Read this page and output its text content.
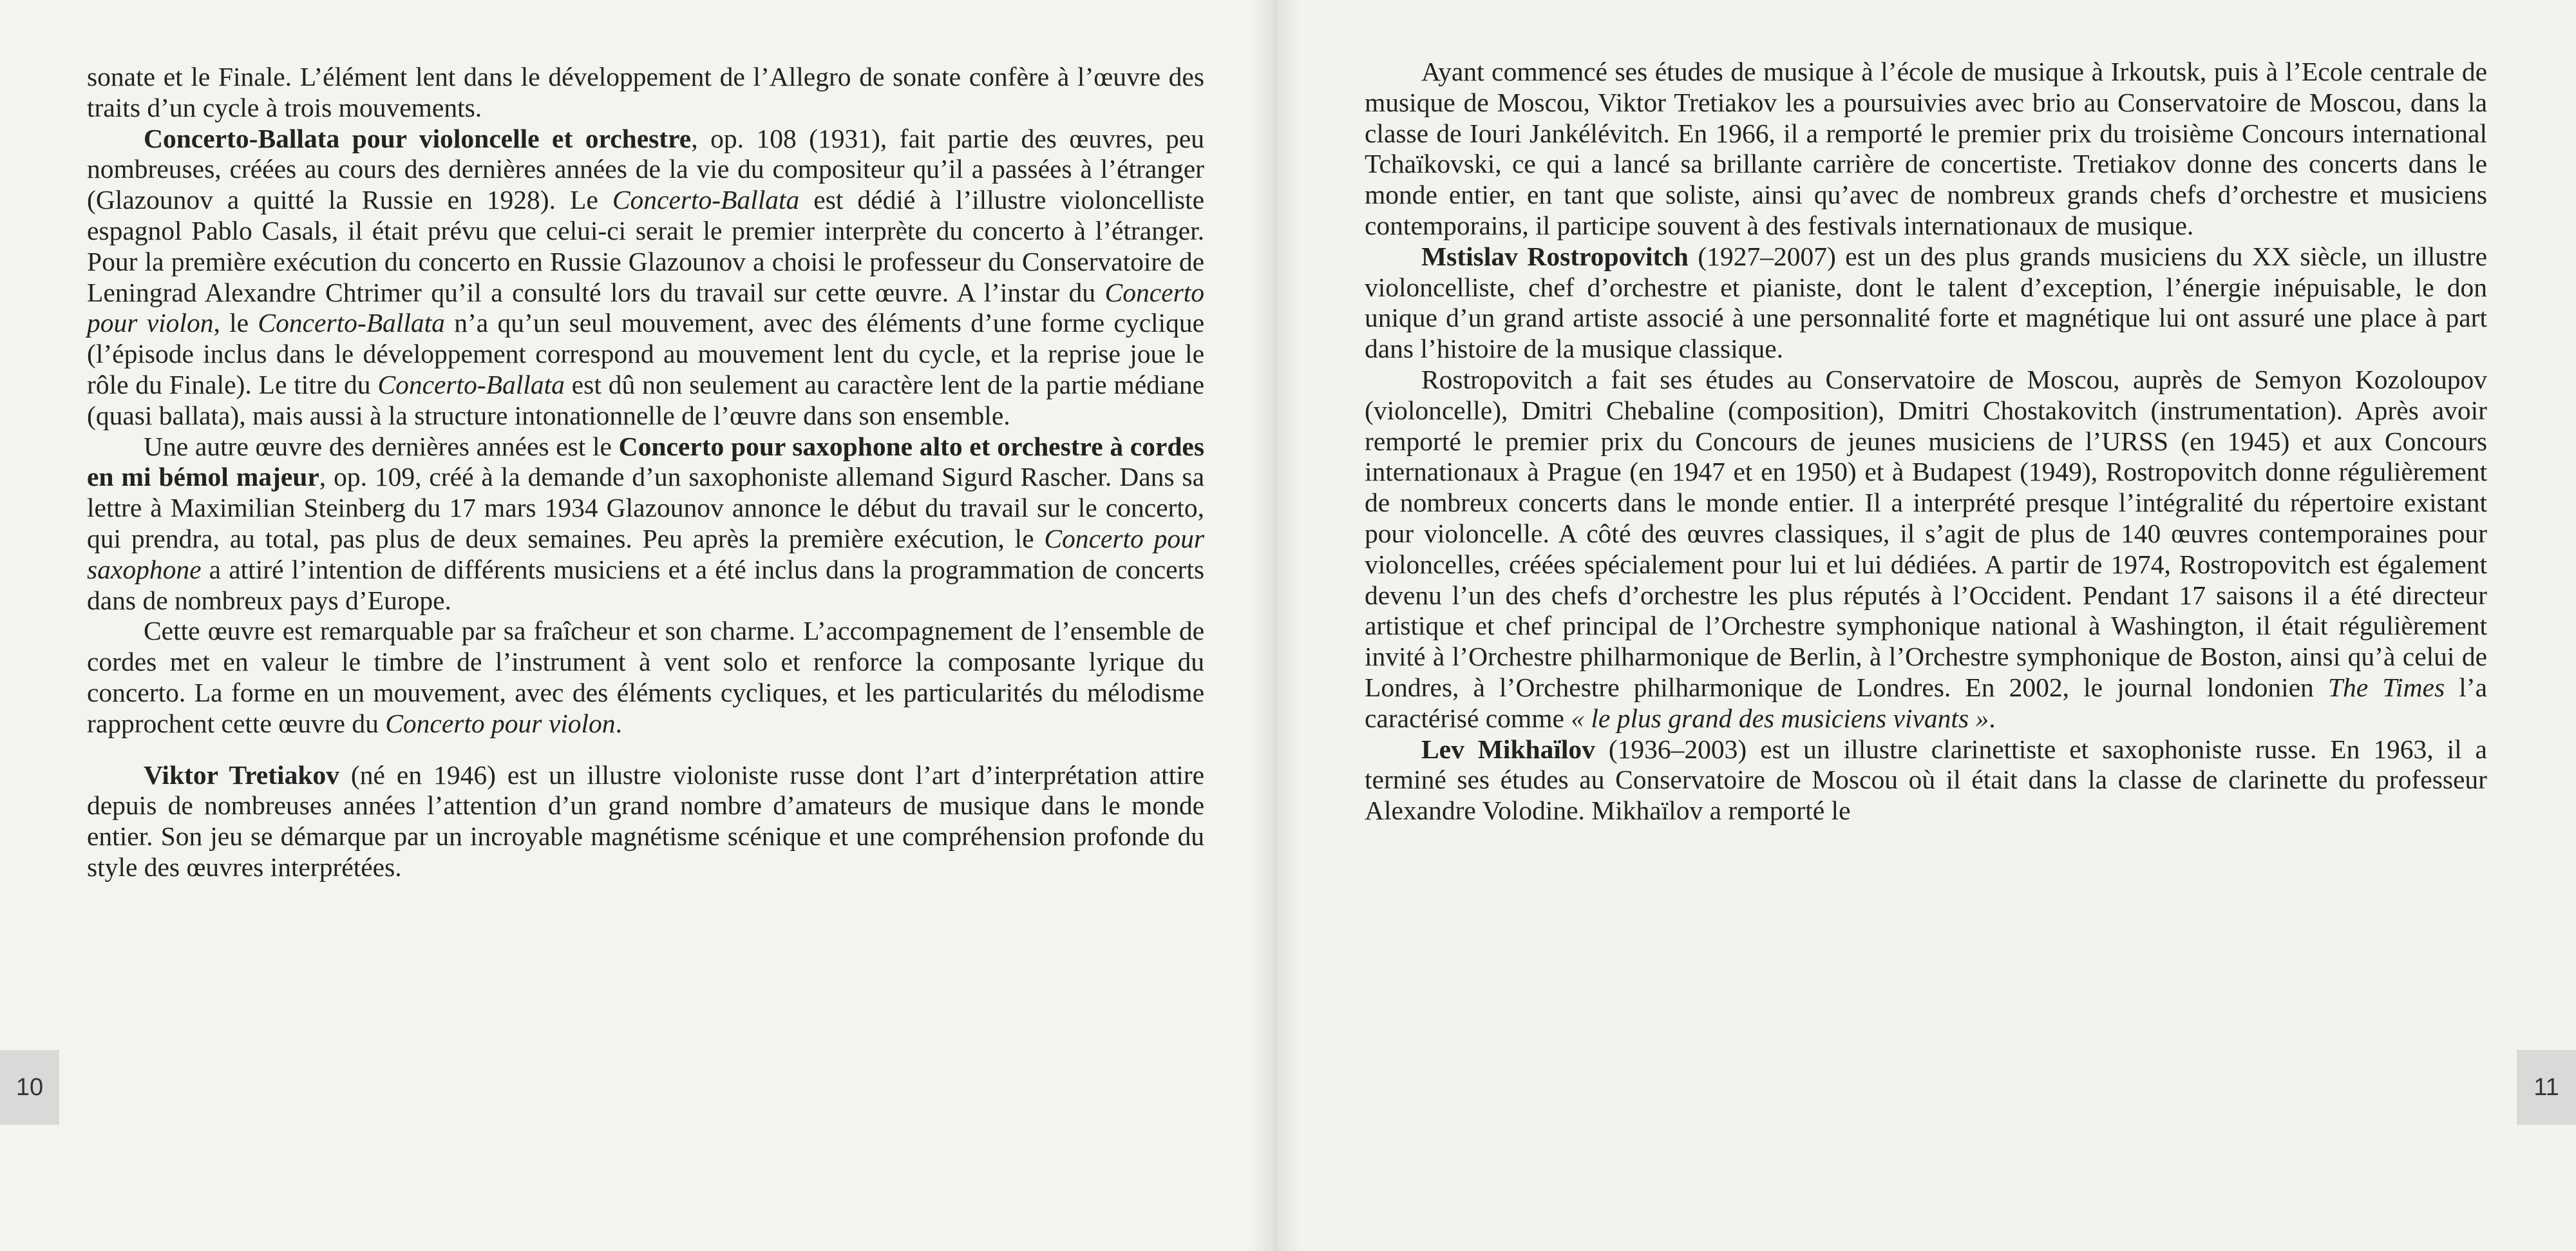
sonate et le Finale. L’élément lent dans le développement de l’Allegro de sonate confère à l’œuvre des traits d’un cycle à trois mouvements.

Concerto-Ballata pour violoncelle et orchestre, op. 108 (1931), fait partie des œuvres, peu nombreuses, créées au cours des dernières années de la vie du compositeur qu’il a passées à l’étranger (Glazounov a quitté la Russie en 1928). Le Concerto-Ballata est dédié à l’illustre violoncelliste espagnol Pablo Casals, il était prévu que celui-ci serait le premier interprète du concerto à l’étranger. Pour la première exécution du concerto en Russie Glazounov a choisi le professeur du Conservatoire de Leningrad Alexandre Chtrimer qu’il a consulté lors du travail sur cette œuvre. A l’instar du Concerto pour violon, le Concerto-Ballata n’a qu’un seul mouvement, avec des éléments d’une forme cyclique (l’épisode inclus dans le développement correspond au mouvement lent du cycle, et la reprise joue le rôle du Finale). Le titre du Concerto-Ballata est dû non seulement au caractère lent de la partie médiane (quasi ballata), mais aussi à la structure intonationnelle de l’œuvre dans son ensemble.

Une autre œuvre des dernières années est le Concerto pour saxophone alto et orchestre à cordes en mi bémol majeur, op. 109, créé à la demande d’un saxophoniste allemand Sigurd Rascher. Dans sa lettre à Maximilian Steinberg du 17 mars 1934 Glazounov annonce le début du travail sur le concerto, qui prendra, au total, pas plus de deux semaines. Peu après la première exécution, le Concerto pour saxophone a attiré l’intention de différents musiciens et a été inclus dans la programmation de concerts dans de nombreux pays d’Europe.

Cette œuvre est remarquable par sa fraîcheur et son charme. L’accompagnement de l’ensemble de cordes met en valeur le timbre de l’instrument à vent solo et renforce la composante lyrique du concerto. La forme en un mouvement, avec des éléments cycliques, et les particularités du mélodisme rapprochent cette œuvre du Concerto pour violon.

Viktor Tretiakov (né en 1946) est un illustre violoniste russe dont l’art d’interprétation attire depuis de nombreuses années l’attention d’un grand nombre d’amateurs de musique dans le monde entier. Son jeu se démarque par un incroyable magnétisme scénique et une compréhension profonde du style des œuvres interprétées.

10

Ayant commencé ses études de musique à l’école de musique à Irkoutsk, puis à l’Ecole centrale de musique de Moscou, Viktor Tretiakov les a poursuivies avec brio au Conservatoire de Moscou, dans la classe de Iouri Jankélévitch. En 1966, il a remporté le premier prix du troisième Concours international Tchaïkovski, ce qui a lancé sa brillante carrière de concertiste. Tretiakov donne des concerts dans le monde entier, en tant que soliste, ainsi qu’avec de nombreux grands chefs d’orchestre et musiciens contemporains, il participe souvent à des festivals internationaux de musique.

Mstislav Rostropovitch (1927–2007) est un des plus grands musiciens du XX siècle, un illustre violoncelliste, chef d’orchestre et pianiste, dont le talent d’exception, l’énergie inépuisable, le don unique d’un grand artiste associé à une personnalité forte et magnétique lui ont assuré une place à part dans l’histoire de la musique classique.

Rostropovitch a fait ses études au Conservatoire de Moscou, auprès de Semyon Kozoloupov (violoncelle), Dmitri Chebaline (composition), Dmitri Chostakovitch (instrumentation). Après avoir remporté le premier prix du Concours de jeunes musiciens de l’URSS (en 1945) et aux Concours internationaux à Prague (en 1947 et en 1950) et à Budapest (1949), Rostropovitch donne régulièrement de nombreux concerts dans le monde entier. Il a interprété presque l’intégralité du répertoire existant pour violoncelle. A côté des œuvres classiques, il s’agit de plus de 140 œuvres contemporaines pour violoncelles, créées spécialement pour lui et lui dédiées. A partir de 1974, Rostropovitch est également devenu l’un des chefs d’orchestre les plus réputés à l’Occident. Pendant 17 saisons il a été directeur artistique et chef principal de l’Orchestre symphonique national à Washington, il était régulièrement invité à l’Orchestre philharmonique de Berlin, à l’Orchestre symphonique de Boston, ainsi qu’à celui de Londres, à l’Orchestre philharmonique de Londres. En 2002, le journal londonien The Times l’a caractérisé comme « le plus grand des musiciens vivants ».

Lev Mikhaïlov (1936–2003) est un illustre clarinettiste et saxophoniste russe. En 1963, il a terminé ses études au Conservatoire de Moscou où il était dans la classe de clarinette du professeur Alexandre Volodine. Mikhaïlov a remporté le

11
